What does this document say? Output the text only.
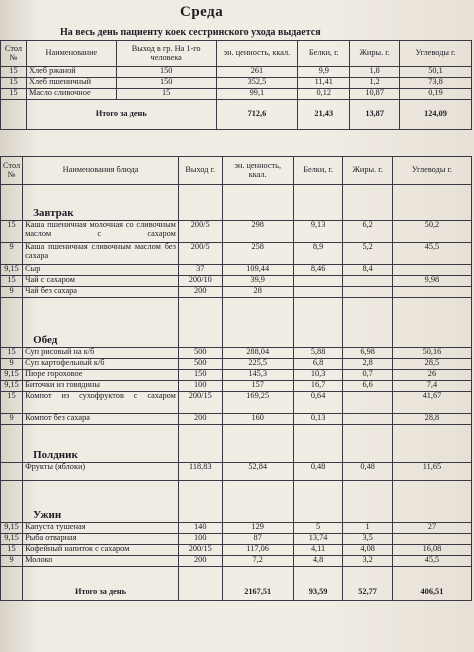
Среда

На весь день пациенту коек сестринского ухода выдается

Стол №	Наименование	Выход в гр. На 1-го человека	эн. ценность, ккал.	Белки, г.	Жиры. г.	Углеводы г.
15	Хлеб ржаной	150	261	9,9	1,8	50,1
15	Хлеб пшеничный	150	352,5	11,41	1,2	73,8
15	Масло сливочное	15	99,1	0,12	10,87	0,19
	Итого за день		712,6	21,43	13,87	124,09
Стол №	Наименования блюда	Выход г.	эн. ценность, ккал.	Белки, г.	Жиры. г.	Углеводы г.
	Завтрак					
15	Каша пшеничная молочная со сливочным маслом с сахаром	200/5	298	9,13	6,2	50,2
9	Каша пшеничная сливочным маслом без сахара	200/5	258	8,9	5,2	45,5
9,15	Сыр	37	109,44	8,46	8,4	
15	Чай с сахаром	200/10	39,9			9,98
9	Чай без сахара	200	28			
	Обед					
15	Суп рисовый на к/б	500	288,04	5,88	6,98	50,16
9	Суп картофельный к/б	500	225,5	6,8	2,8	28,5
9,15	Пюре гороховое	150	145,3	10,3	0,7	26
9,15	Биточки из говядины	100	157	16,7	6,6	7,4
15	Компот из сухофруктов с сахаром	200/15	169,25	0,64		41,67
9	Компот без сахара	200	160	0,13		28,8
	Полдник					
	Фрукты (яблоки)	118,83	52,84	0,48	0,48	11,65
	Ужин					
9,15	Капуста тушеная	140	129	5	1	27
9,15	Рыба отварная	100	87	13,74	3,5	
15	Кофейный напиток с сахаром	200/15	117,06	4,11	4,08	16,08
9	Молоко	200	7,2	4,8	3,2	45,5
	Итого за день		2167,51	93,59	52,77	406,51
